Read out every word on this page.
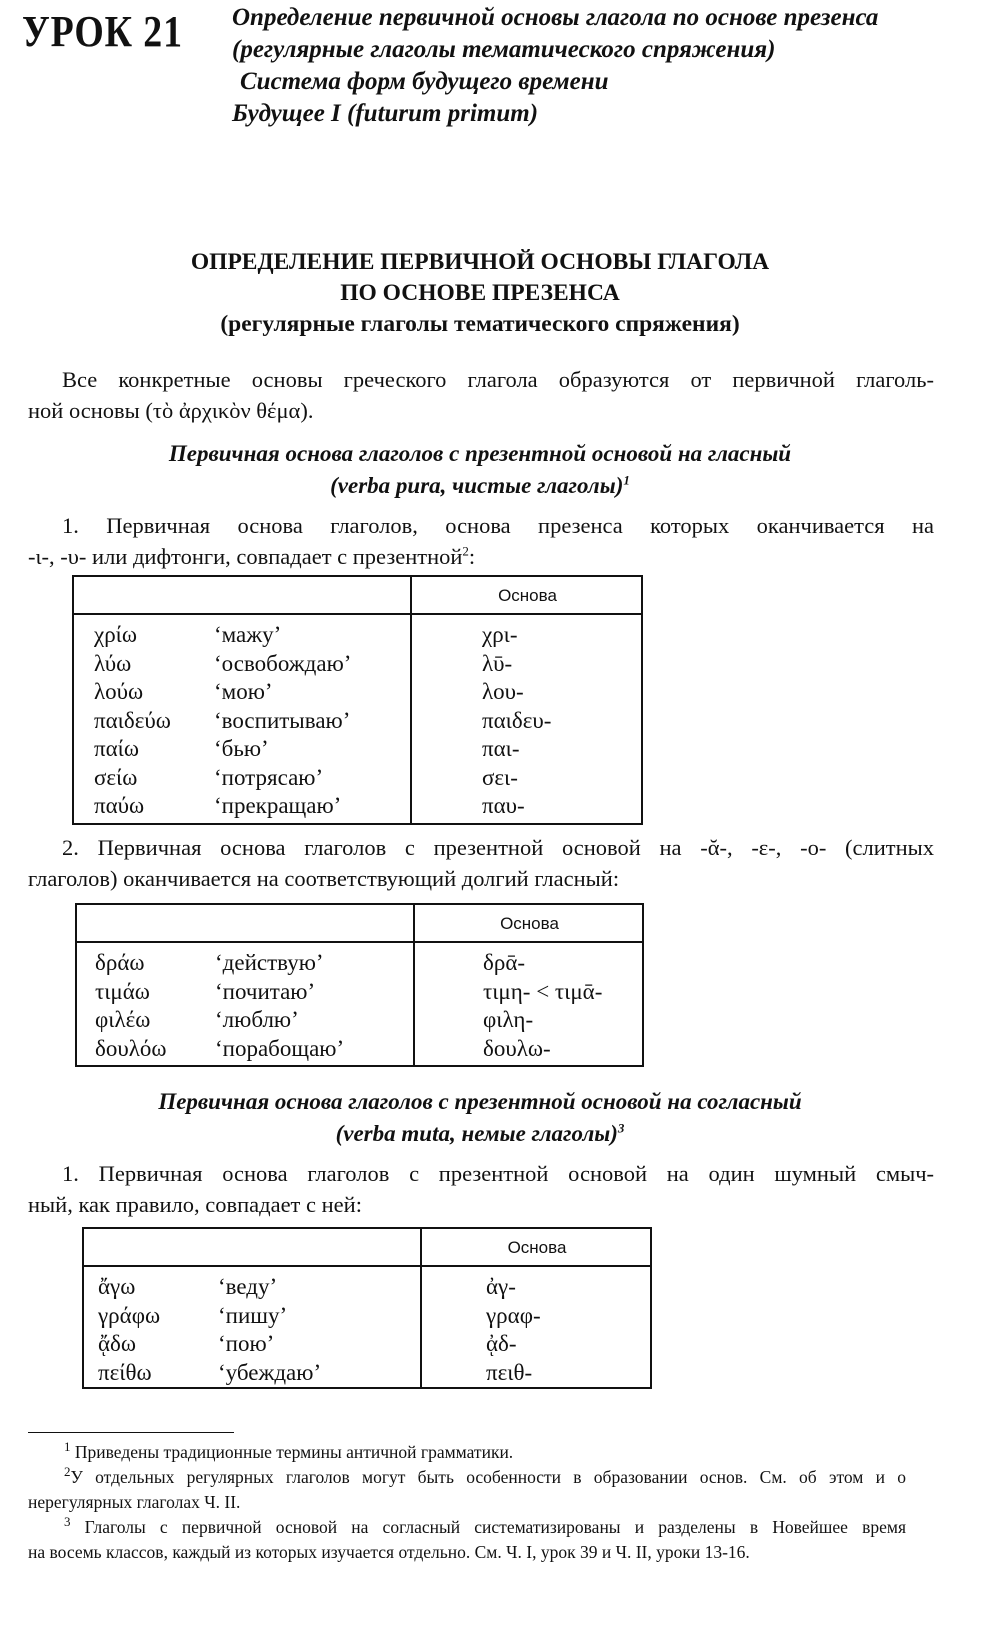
УРОК 21 Определение первичной основы глагола по основе презенса
(регулярные глаголы тематического спряжения)
Система форм будущего времени
Будущее I (futurum primum)
ОПРЕДЕЛЕНИЕ ПЕРВИЧНОЙ ОСНОВЫ ГЛАГОЛА
ПО ОСНОВЕ ПРЕЗЕНСА
(регулярные глаголы тематического спряжения)
Все конкретные основы греческого глагола образуются от первичной глаголь-
ной основы (τὸ ἀρχικὸν θέμα).
Первичная основа глаголов с презентной основой на гласный
(verba pura, чистые глаголы)$^1$
1. Первичная основа глаголов, основа презенса которых оканчивается на
-ι-, -υ- или дифтонги, совпадает с презентной$^2$:
Основа
χρίω	‘мажу’	χρι-
λύω	‘освобождаю’	λῡ-
λούω	‘мою’	λου-
παιδεύω ‘воспитываю’	παιδευ-
παίω	‘бью’	παι-
σείω	‘потрясаю’	σει-
παύω	‘прекращаю’	παυ-
2. Первичная основа глаголов с презентной основой на -ᾰ-, -ε-, -ο- (слитных
глаголов) оканчивается на соответствующий долгий гласный:
Основа
δράω	‘действую’	δρᾱ-
τιμάω	‘почитаю’	τιμη- < τιμᾱ-
φιλέω	‘люблю’	φιλη-
δουλόω ‘порабощаю’	δουλω-
Первичная основа глаголов с презентной основой на согласный
(verba muta, немые глаголы)$^3$
1. Первичная основа глаголов с презентной основой на один шумный смыч-
ный, как правило, совпадает с ней:
Основа
ἄγω	‘веду’	ἀγ-
γράφω	‘пишу’	γραφ-
ᾄδω	‘пою’	ᾀδ-
πείθω	‘убеждаю’	πειθ-
$^1$ Приведены традиционные термины античной грамматики.
$^2$У отдельных регулярных глаголов могут быть особенности в образовании основ. См. об этом и о
нерегулярных глаголах Ч. II.
$^3$ Глаголы с первичной основой на согласный систематизированы и разделены в Новейшее время
на восемь классов, каждый из которых изучается отдельно. См. Ч. I, урок 39 и Ч. II, уроки 13-16.
